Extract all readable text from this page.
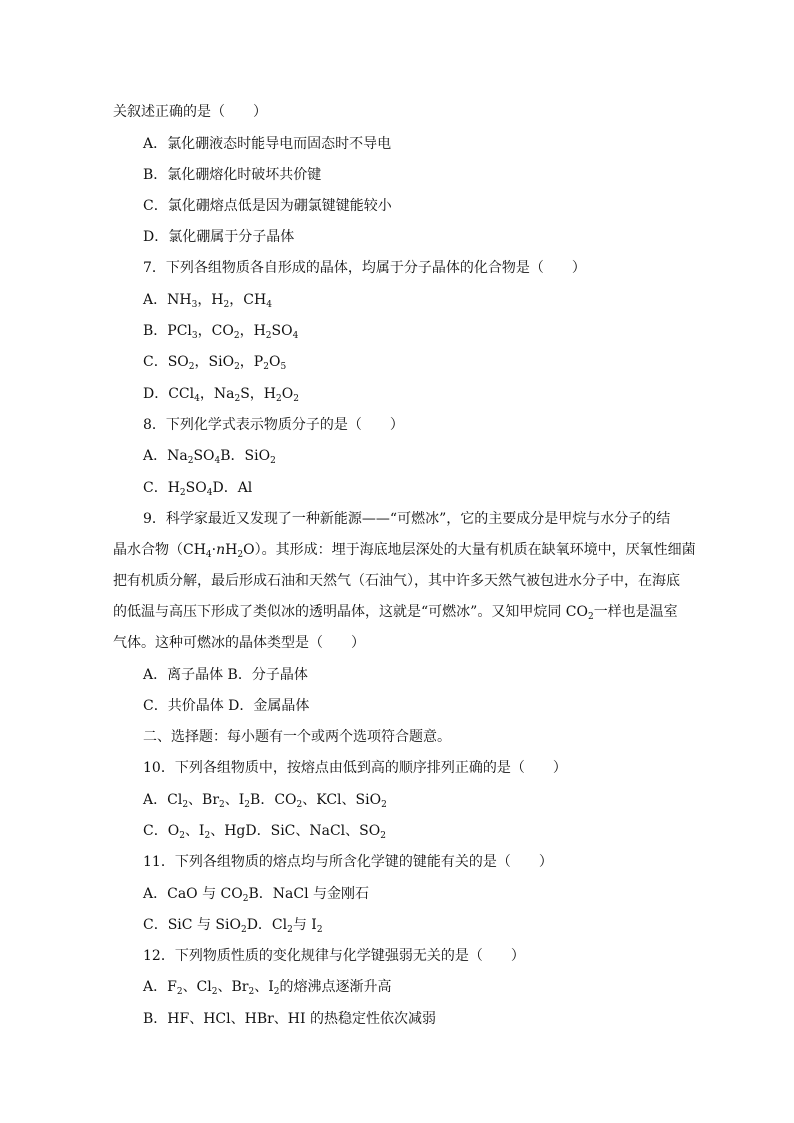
关叙述正确的是（　　）
A．氯化硼液态时能导电而固态时不导电
B．氯化硼熔化时破坏共价键
C．氯化硼熔点低是因为硼氯键键能较小
D．氯化硼属于分子晶体
7．下列各组物质各自形成的晶体，均属于分子晶体的化合物是（　　）
A．$NH_3$，$H_2$，$CH_4$
B．PCl$_3$，$CO_2$，$H_2SO_4$
C．$SO_2$，SiO$_2$，$P_2O_5$
D．CCl$_4$，$Na_2S$，$H_2O_2$
8．下列化学式表示物质分子的是（　　）
A．$Na_2SO_4B$．SiO$_2$
C．$H_2SO_4D$．Al
9．科学家最近又发现了一种新能源——“可燃冰”，它的主要成分是甲烷与水分子的结
晶水合物$(CH_4\cdot nH_2O)$。其形成：埋于海底地层深处的大量有机质在缺氧环境中，厌氧性细菌
把有机质分解，最后形成石油和天然气（石油气），其中许多天然气被包进水分子中，在海底
的低温与高压下形成了类似冰的透明晶体，这就是“可燃冰”。又知甲烷同 $CO_2$一样也是温室
气体。这种可燃冰的晶体类型是（　　）
A．离子晶体 B．分子晶体
C．共价晶体 D．金属晶体
二、选择题：每小题有一个或两个选项符合题意。
10．下列各组物质中，按熔点由低到高的顺序排列正确的是（　　）
A．$Cl_2$、$Br_2$、$I_2B$．$CO_2$、KCl、SiO$_2$
C．$O_2$、$I_2$、HgD．SiC、NaCl、$SO_2$
11．下列各组物质的熔点均与所含化学键的键能有关的是（　　）
A．CaO 与 $CO_2B$．NaCl 与金刚石
C．SiC 与 SiO$_2$D．$Cl_2$与 $I_2$
12．下列物质性质的变化规律与化学键强弱无关的是（　　）
A．$F_2$、$Cl_2$、$Br_2$、$I_2$的熔沸点逐渐升高
B．HF、HCl、HBr、HI 的热稳定性依次减弱
